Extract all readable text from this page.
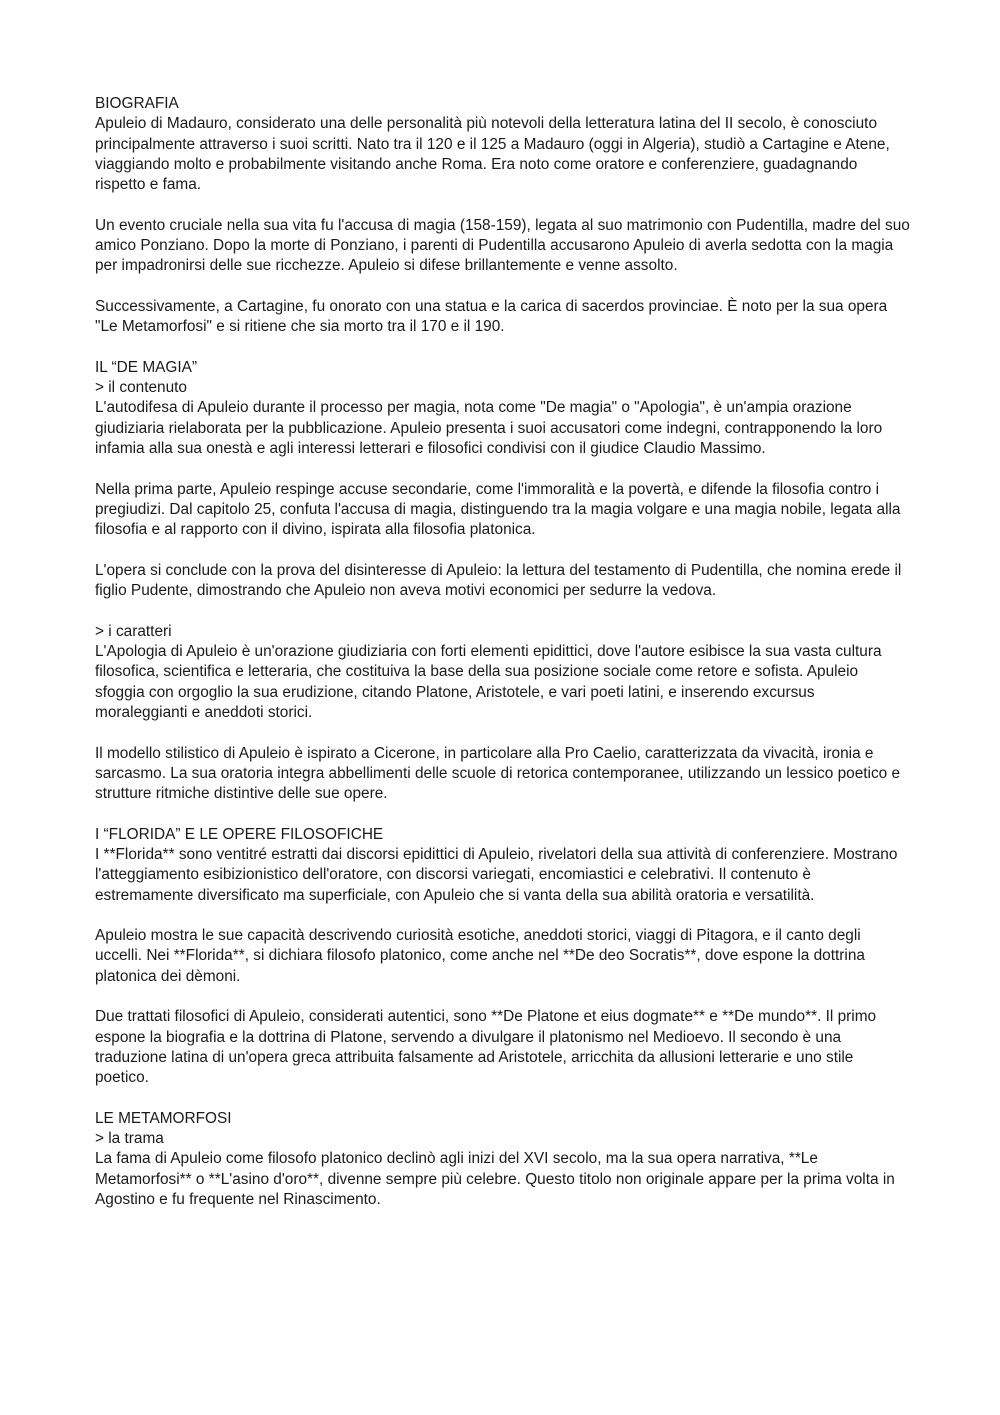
BIOGRAFIA

Apuleio di Madauro, considerato una delle personalità più notevoli della letteratura latina del II secolo, è conosciuto principalmente attraverso i suoi scritti. Nato tra il 120 e il 125 a Madauro (oggi in Algeria), studiò a Cartagine e Atene, viaggiando molto e probabilmente visitando anche Roma. Era noto come oratore e conferenziere, guadagnando rispetto e fama.

Un evento cruciale nella sua vita fu l'accusa di magia (158-159), legata al suo matrimonio con Pudentilla, madre del suo amico Ponziano. Dopo la morte di Ponziano, i parenti di Pudentilla accusarono Apuleio di averla sedotta con la magia per impadronirsi delle sue ricchezze. Apuleio si difese brillantemente e venne assolto.

Successivamente, a Cartagine, fu onorato con una statua e la carica di sacerdos provinciae. È noto per la sua opera "Le Metamorfosi" e si ritiene che sia morto tra il 170 e il 190.

IL “DE MAGIA”
> il contenuto

L'autodifesa di Apuleio durante il processo per magia, nota come "De magia" o "Apologia", è un'ampia orazione giudiziaria rielaborata per la pubblicazione. Apuleio presenta i suoi accusatori come indegni, contrapponendo la loro infamia alla sua onestà e agli interessi letterari e filosofici condivisi con il giudice Claudio Massimo.

Nella prima parte, Apuleio respinge accuse secondarie, come l'immoralità e la povertà, e difende la filosofia contro i pregiudizi. Dal capitolo 25, confuta l'accusa di magia, distinguendo tra la magia volgare e una magia nobile, legata alla filosofia e al rapporto con il divino, ispirata alla filosofia platonica.

L'opera si conclude con la prova del disinteresse di Apuleio: la lettura del testamento di Pudentilla, che nomina erede il figlio Pudente, dimostrando che Apuleio non aveva motivi economici per sedurre la vedova.

> i caratteri

L'Apologia di Apuleio è un'orazione giudiziaria con forti elementi epidittici, dove l'autore esibisce la sua vasta cultura filosofica, scientifica e letteraria, che costituiva la base della sua posizione sociale come retore e sofista. Apuleio sfoggia con orgoglio la sua erudizione, citando Platone, Aristotele, e vari poeti latini, e inserendo excursus moraleggianti e aneddoti storici.

Il modello stilistico di Apuleio è ispirato a Cicerone, in particolare alla Pro Caelio, caratterizzata da vivacità, ironia e sarcasmo. La sua oratoria integra abbellimenti delle scuole di retorica contemporanee, utilizzando un lessico poetico e strutture ritmiche distintive delle sue opere.

I “FLORIDA” E LE OPERE FILOSOFICHE

I **Florida** sono ventitré estratti dai discorsi epidittici di Apuleio, rivelatori della sua attività di conferenziere. Mostrano l'atteggiamento esibizionistico dell'oratore, con discorsi variegati, encomiastici e celebrativi. Il contenuto è estremamente diversificato ma superficiale, con Apuleio che si vanta della sua abilità oratoria e versatilità.

Apuleio mostra le sue capacità descrivendo curiosità esotiche, aneddoti storici, viaggi di Pitagora, e il canto degli uccelli. Nei **Florida**, si dichiara filosofo platonico, come anche nel **De deo Socratis**, dove espone la dottrina platonica dei dèmoni.

Due trattati filosofici di Apuleio, considerati autentici, sono **De Platone et eius dogmate** e **De mundo**. Il primo espone la biografia e la dottrina di Platone, servendo a divulgare il platonismo nel Medioevo. Il secondo è una traduzione latina di un'opera greca attribuita falsamente ad Aristotele, arricchita da allusioni letterarie e uno stile poetico.

LE METAMORFOSI
> la trama

La fama di Apuleio come filosofo platonico declinò agli inizi del XVI secolo, ma la sua opera narrativa, **Le Metamorfosi** o **L'asino d'oro**, divenne sempre più celebre. Questo titolo non originale appare per la prima volta in Agostino e fu frequente nel Rinascimento.
